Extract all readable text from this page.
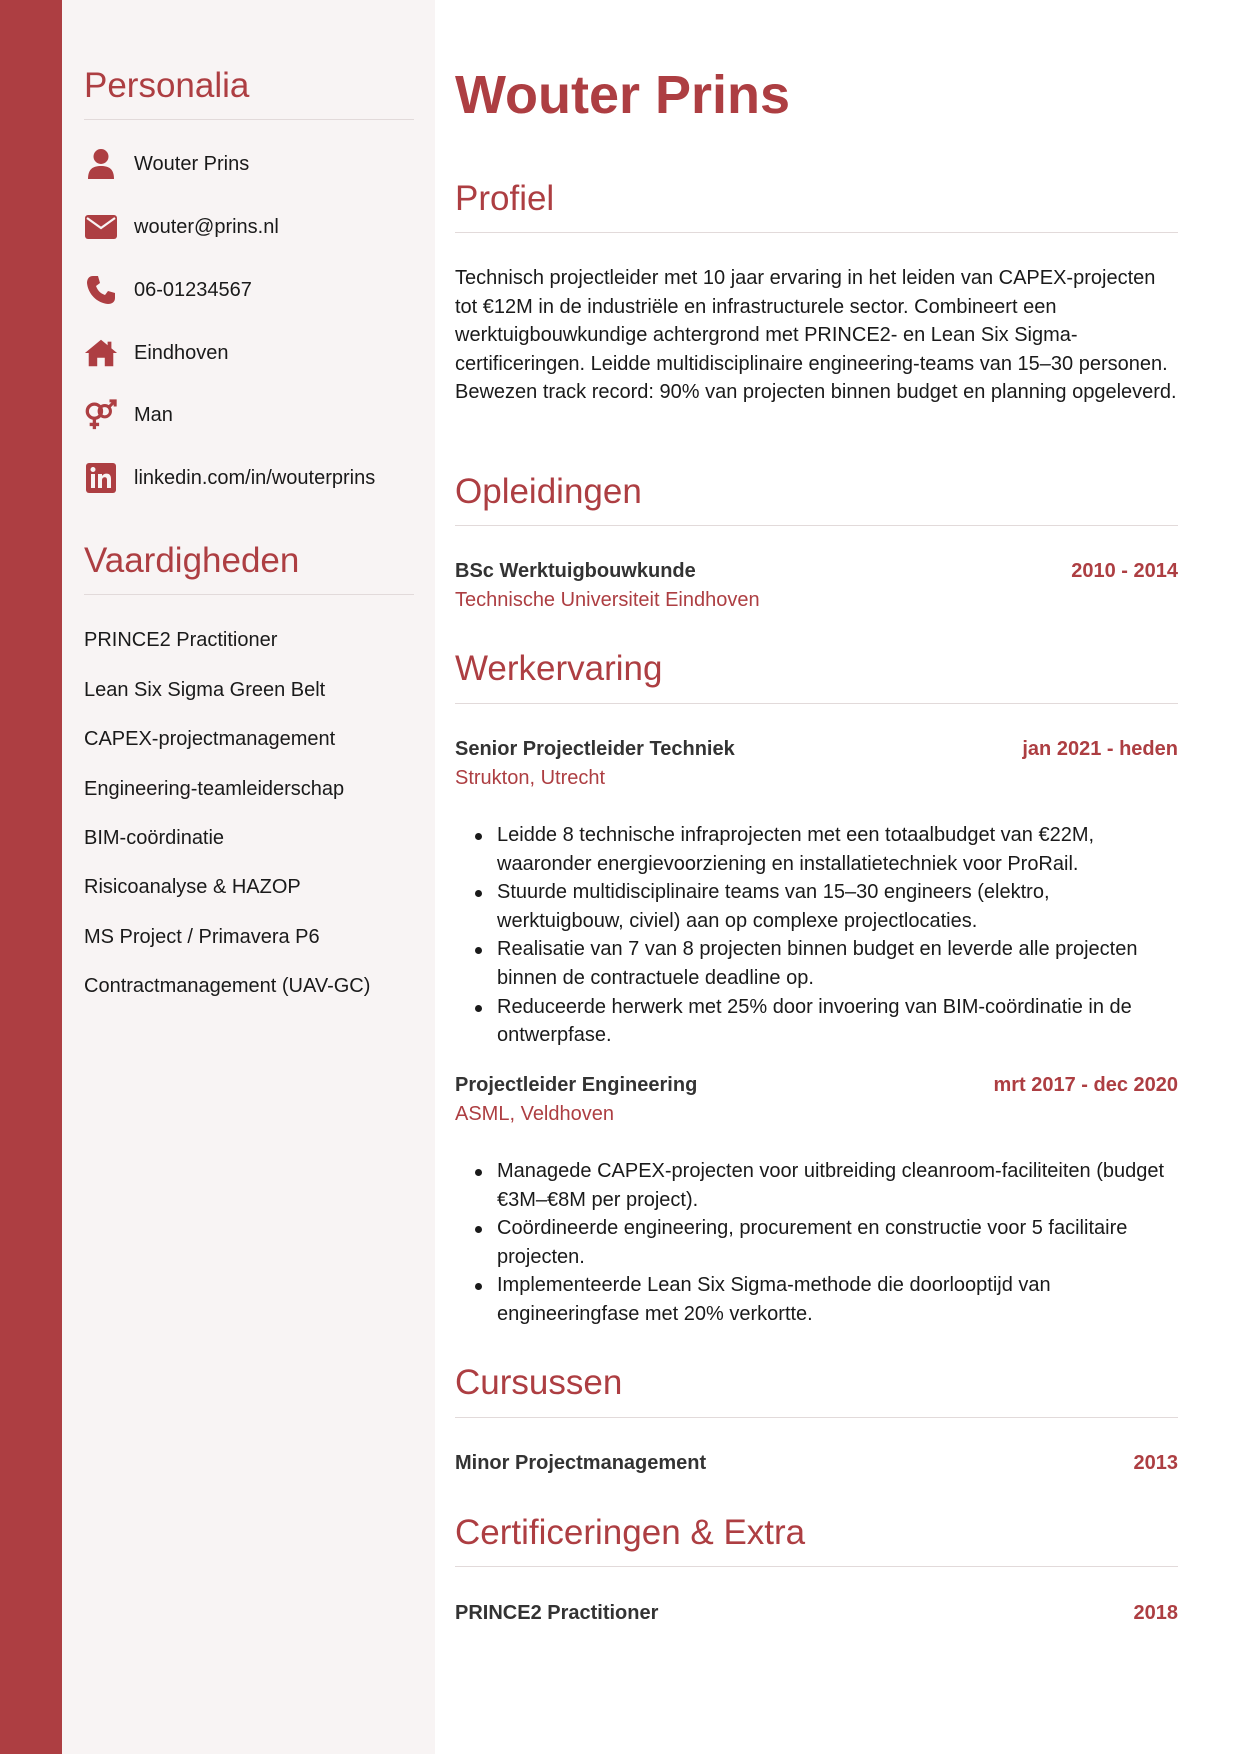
Personalia
Wouter Prins
wouter@prins.nl
06-01234567
Eindhoven
Man
linkedin.com/in/wouterprins
Vaardigheden
PRINCE2 Practitioner
Lean Six Sigma Green Belt
CAPEX-projectmanagement
Engineering-teamleiderschap
BIM-coördinatie
Risicoanalyse & HAZOP
MS Project / Primavera P6
Contractmanagement (UAV-GC)
Wouter Prins
Profiel

Technisch projectleider met 10 jaar ervaring in het leiden van CAPEX-projecten tot €12M in de industriële en infrastructurele sector. Combineert een werktuigbouwkundige achtergrond met PRINCE2- en Lean Six Sigma-certificeringen. Leidde multidisciplinaire engineering-teams van 15–30 personen. Bewezen track record: 90% van projecten binnen budget en planning opgeleverd.

Opleidingen
BSc Werktuigbouwkunde	2010 - 2014
Technische Universiteit Eindhoven
Werkervaring
Senior Projectleider Techniek	jan 2021 - heden
Strukton, Utrecht
Leidde 8 technische infraprojecten met een totaalbudget van €22M, waaronder energievoorziening en installatietechniek voor ProRail.
Stuurde multidisciplinaire teams van 15–30 engineers (elektro, werktuigbouw, civiel) aan op complexe projectlocaties.
Realisatie van 7 van 8 projecten binnen budget en leverde alle projecten binnen de contractuele deadline op.
Reduceerde herwerk met 25% door invoering van BIM-coördinatie in de ontwerpfase.
Projectleider Engineering	mrt 2017 - dec 2020
ASML, Veldhoven
Managede CAPEX-projecten voor uitbreiding cleanroom-faciliteiten (budget €3M–€8M per project).
Coördineerde engineering, procurement en constructie voor 5 facilitaire projecten.
Implementeerde Lean Six Sigma-methode die doorlooptijd van engineeringfase met 20% verkortte.
Cursussen
Minor Projectmanagement	2013
Certificeringen & Extra
PRINCE2 Practitioner	2018
